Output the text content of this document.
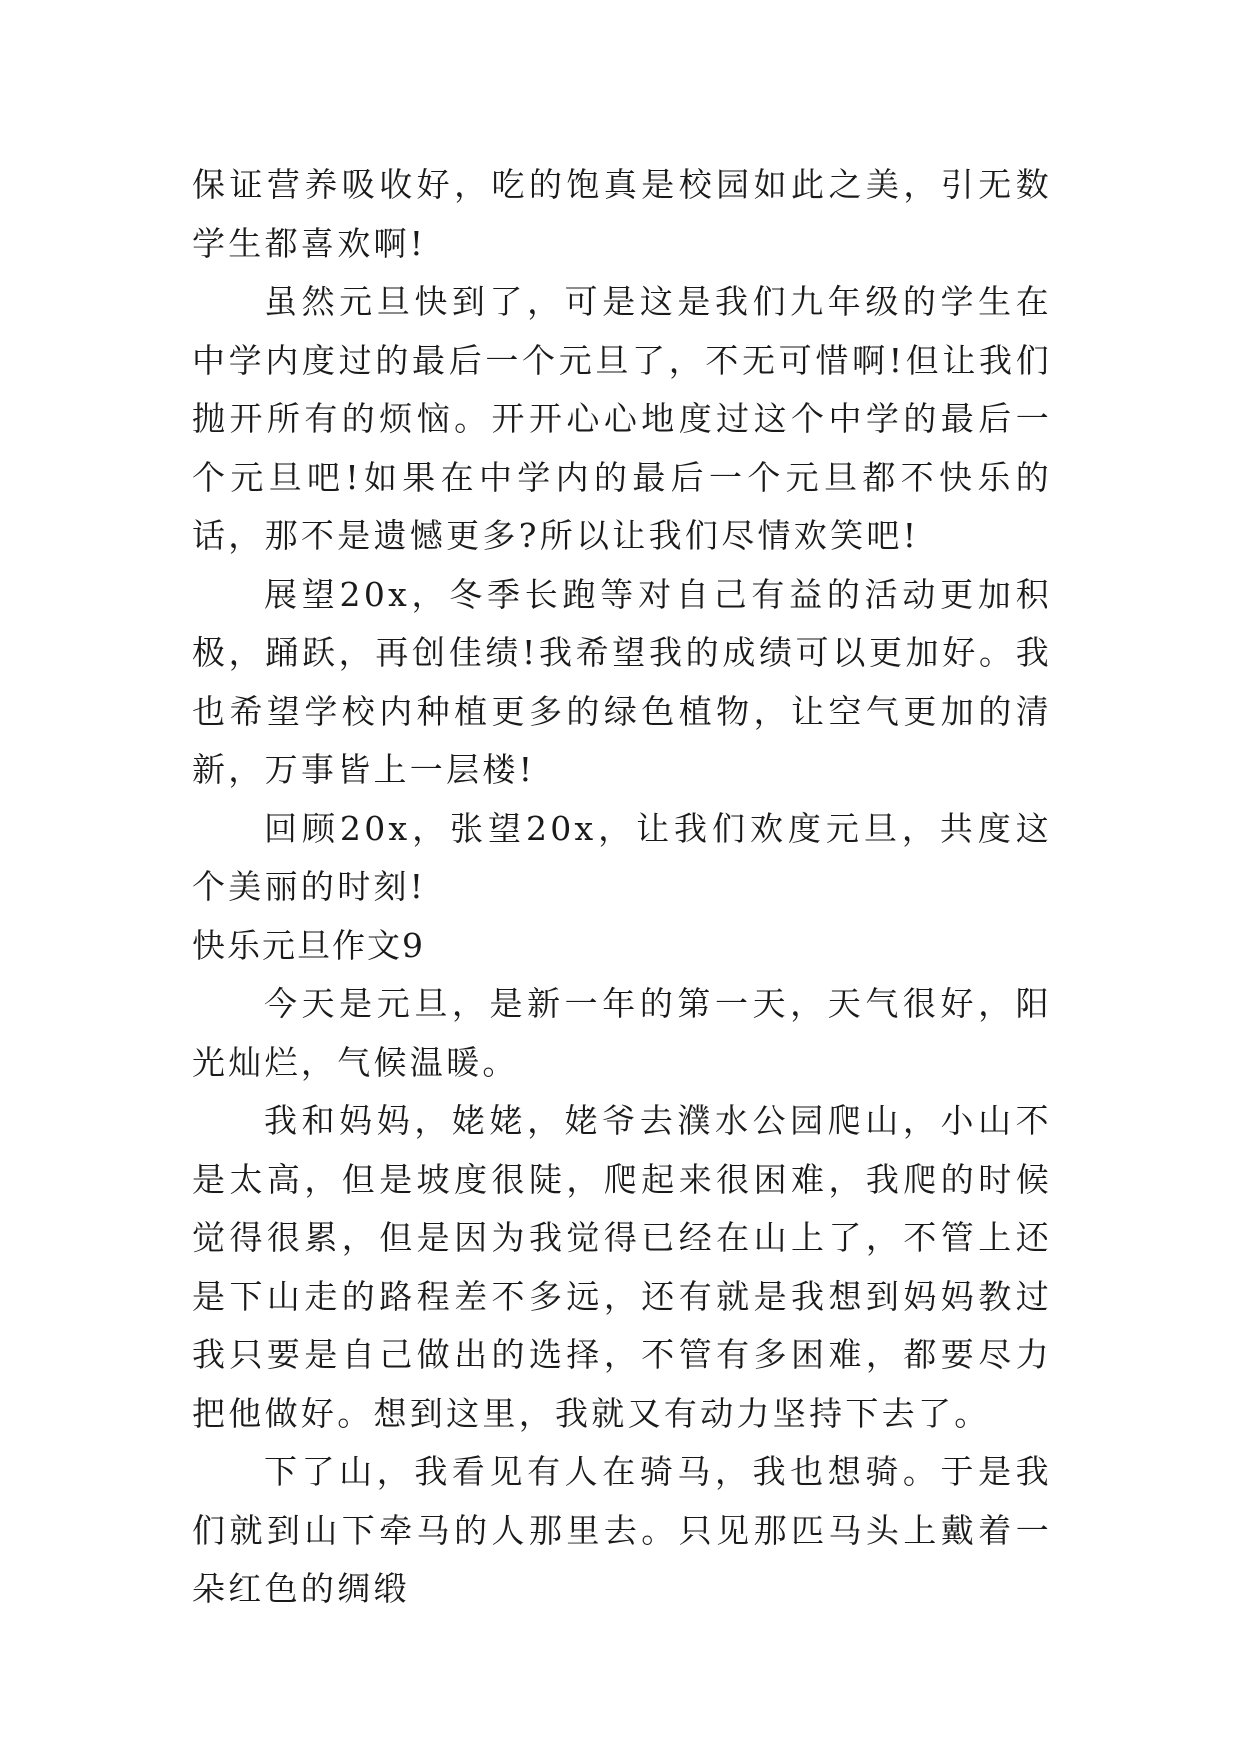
保证营养吸收好，吃的饱真是校园如此之美，引无数学生都喜欢啊!

虽然元旦快到了，可是这是我们九年级的学生在中学内度过的最后一个元旦了，不无可惜啊!但让我们抛开所有的烦恼。开开心心地度过这个中学的最后一个元旦吧!如果在中学内的最后一个元旦都不快乐的话，那不是遗憾更多?所以让我们尽情欢笑吧!

展望20x，冬季长跑等对自己有益的活动更加积极，踊跃，再创佳绩!我希望我的成绩可以更加好。我也希望学校内种植更多的绿色植物，让空气更加的清新，万事皆上一层楼!

回顾20x，张望20x，让我们欢度元旦，共度这个美丽的时刻!

快乐元旦作文9

今天是元旦，是新一年的第一天，天气很好，阳光灿烂，气候温暖。

我和妈妈，姥姥，姥爷去濮水公园爬山，小山不是太高，但是坡度很陡，爬起来很困难，我爬的时候觉得很累，但是因为我觉得已经在山上了，不管上还是下山走的路程差不多远，还有就是我想到妈妈教过我只要是自己做出的选择，不管有多困难，都要尽力把他做好。想到这里，我就又有动力坚持下去了。

下了山，我看见有人在骑马，我也想骑。于是我们就到山下牵马的人那里去。只见那匹马头上戴着一朵红色的绸缎
